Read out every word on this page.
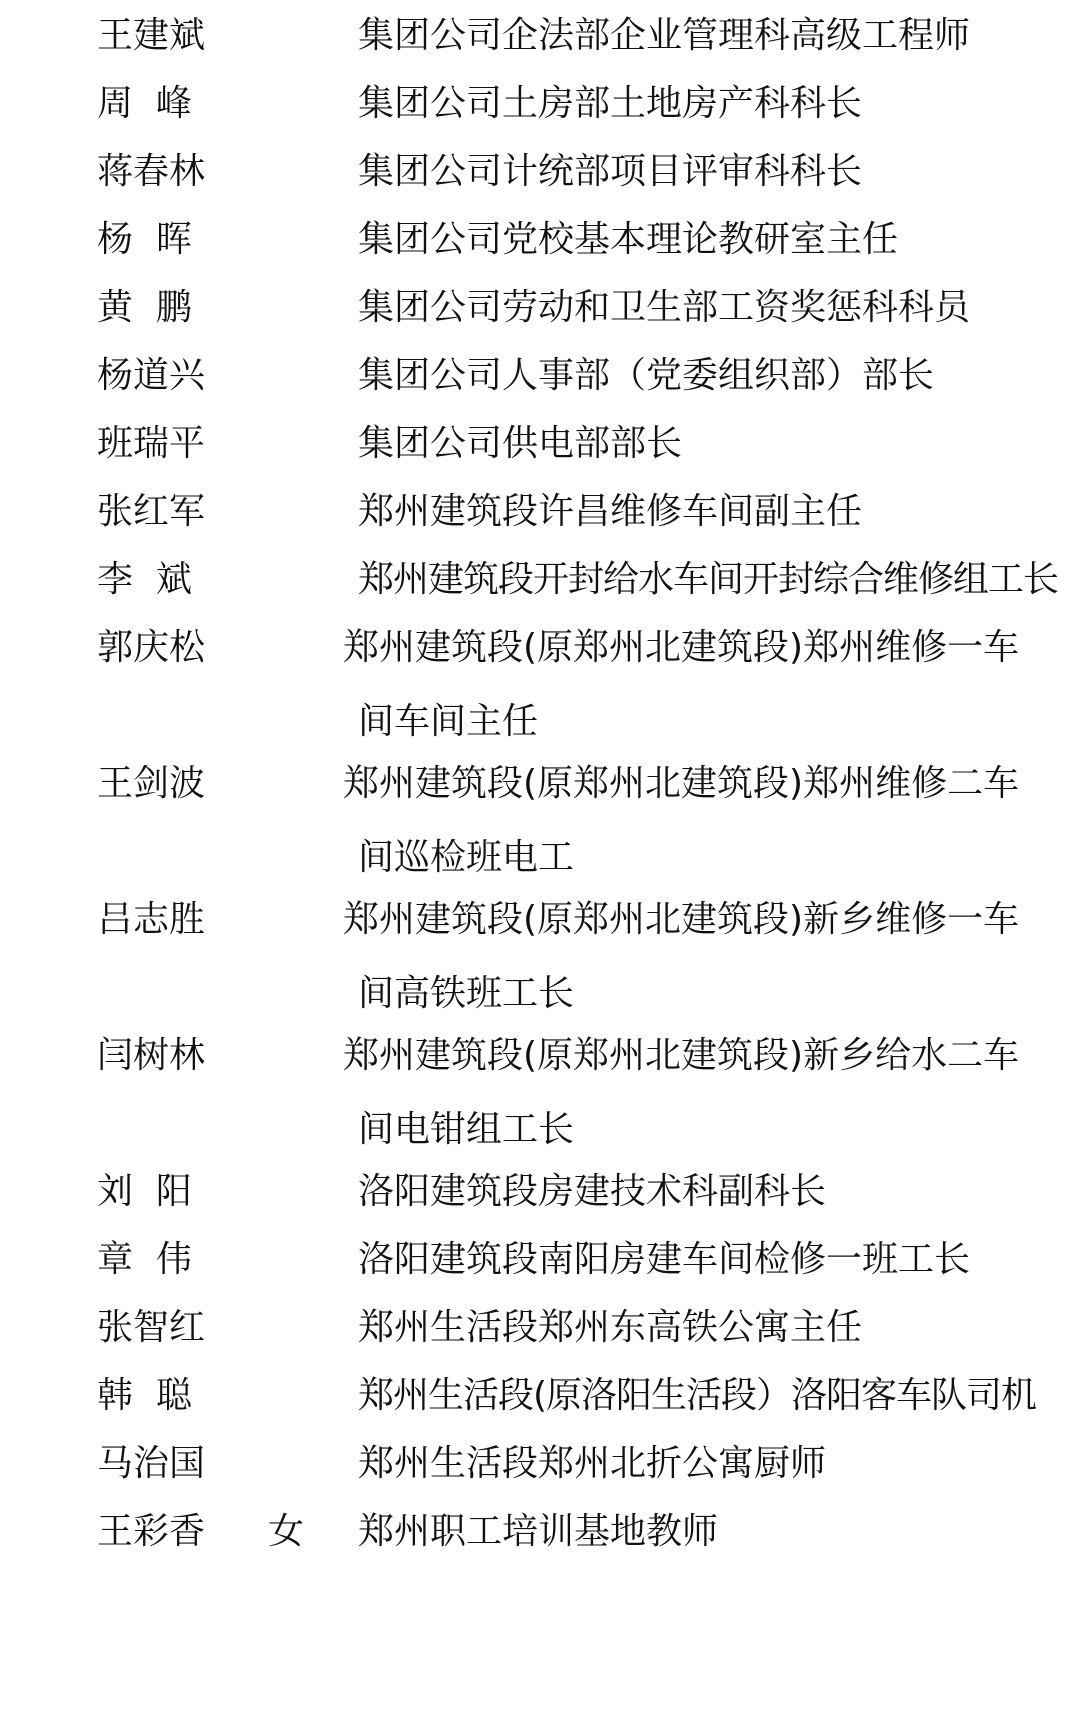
王建斌	集团公司企法部企业管理科高级工程师
周  峰	集团公司土房部土地房产科科长
蒋春林	集团公司计统部项目评审科科长
杨  晖	集团公司党校基本理论教研室主任
黄  鹏	集团公司劳动和卫生部工资奖惩科科员
杨道兴	集团公司人事部（党委组织部）部长
班瑞平	集团公司供电部部长
张红军	郑州建筑段许昌维修车间副主任
李  斌	郑州建筑段开封给水车间开封综合维修组工长
郭庆松	郑州建筑段(原郑州北建筑段)郑州维修一车
间车间主任
王剑波	郑州建筑段(原郑州北建筑段)郑州维修二车
间巡检班电工
吕志胜	郑州建筑段(原郑州北建筑段)新乡维修一车
间高铁班工长
闫树林	郑州建筑段(原郑州北建筑段)新乡给水二车
间电钳组工长
刘  阳	洛阳建筑段房建技术科副科长
章  伟	洛阳建筑段南阳房建车间检修一班工长
张智红	郑州生活段郑州东高铁公寓主任
韩  聪	郑州生活段(原洛阳生活段）洛阳客车队司机
马治国	郑州生活段郑州北折公寓厨师
王彩香	女 郑州职工培训基地教师
